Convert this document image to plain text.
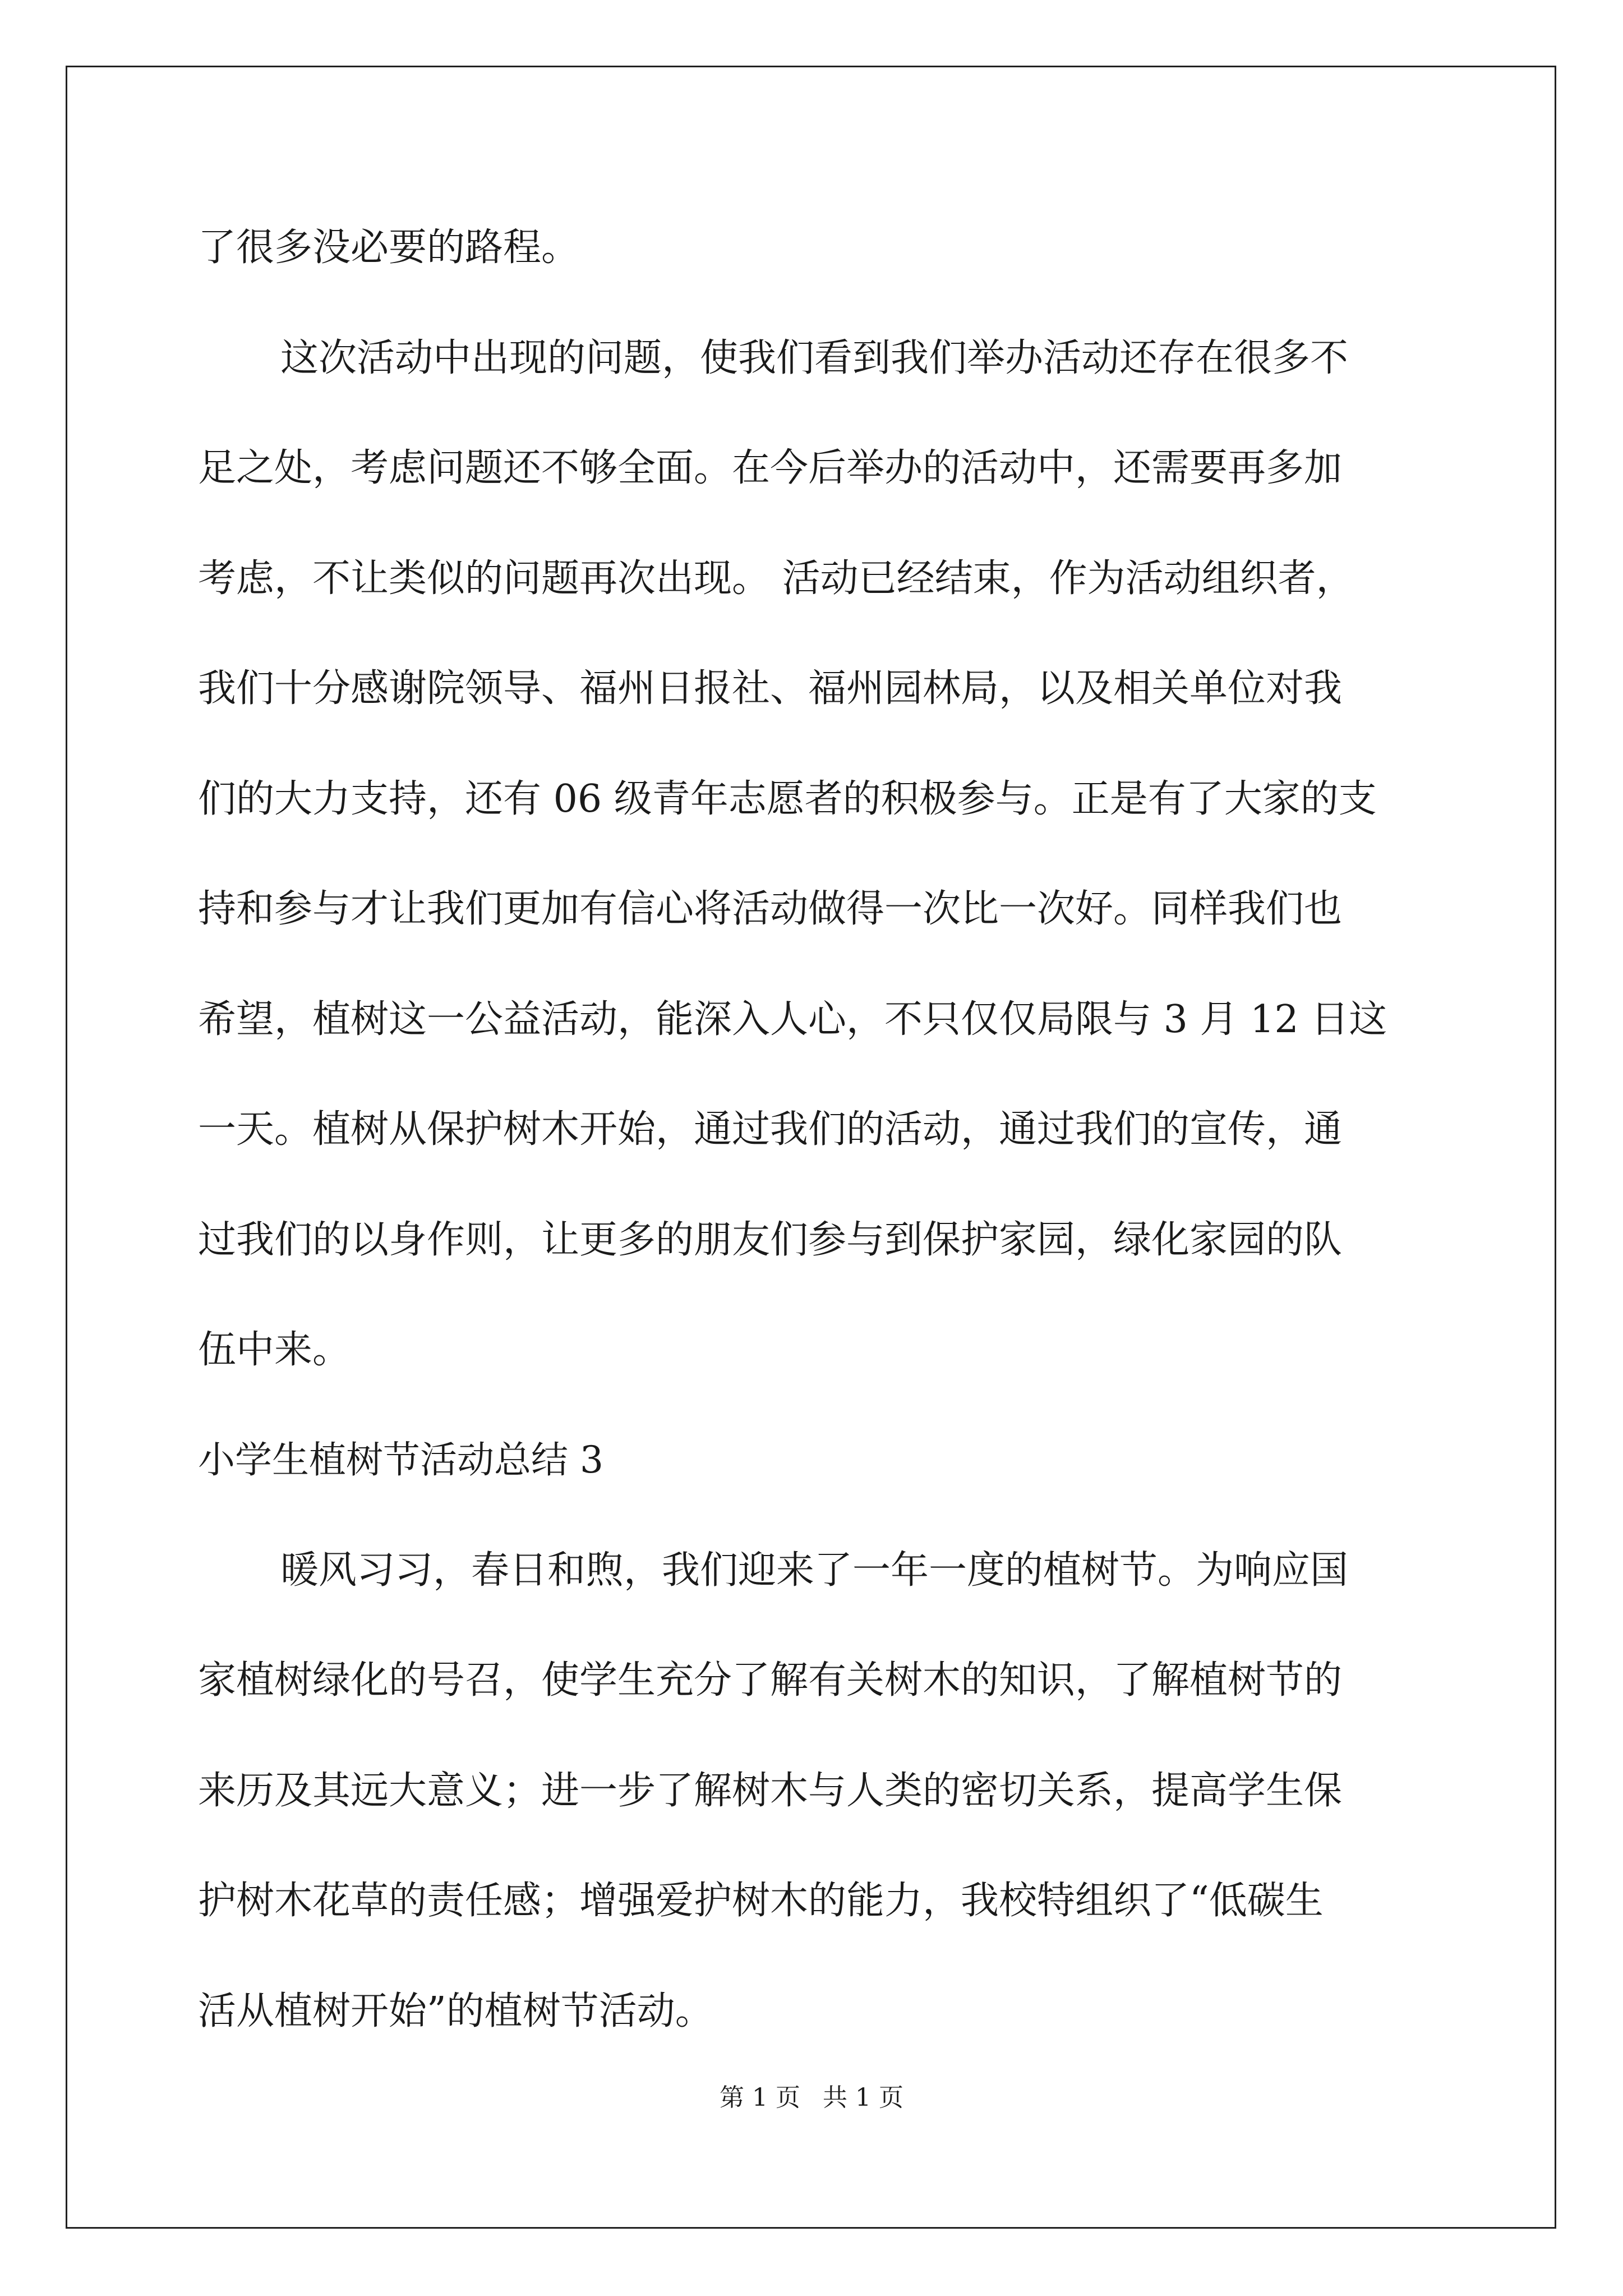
了很多没必要的路程。
这次活动中出现的问题，使我们看到我们举办活动还存在很多不
足之处，考虑问题还不够全面。在今后举办的活动中，还需要再多加
考虑，不让类似的问题再次出现。 活动已经结束，作为活动组织者，
我们十分感谢院领导、福州日报社、福州园林局，以及相关单位对我
们的大力支持，还有 06 级青年志愿者的积极参与。正是有了大家的支
持和参与才让我们更加有信心将活动做得一次比一次好。同样我们也
希望，植树这一公益活动，能深入人心，不只仅仅局限与 3 月 12 日这
一天。植树从保护树木开始，通过我们的活动，通过我们的宣传，通
过我们的以身作则，让更多的朋友们参与到保护家园，绿化家园的队
伍中来。
小学生植树节活动总结 3
暖风习习，春日和煦，我们迎来了一年一度的植树节。为响应国
家植树绿化的号召，使学生充分了解有关树木的知识，了解植树节的
来历及其远大意义；进一步了解树木与人类的密切关系，提高学生保
护树木花草的责任感；增强爱护树木的能力，我校特组织了“低碳生
活从植树开始”的植树节活动。
第 1 页 共 1 页
